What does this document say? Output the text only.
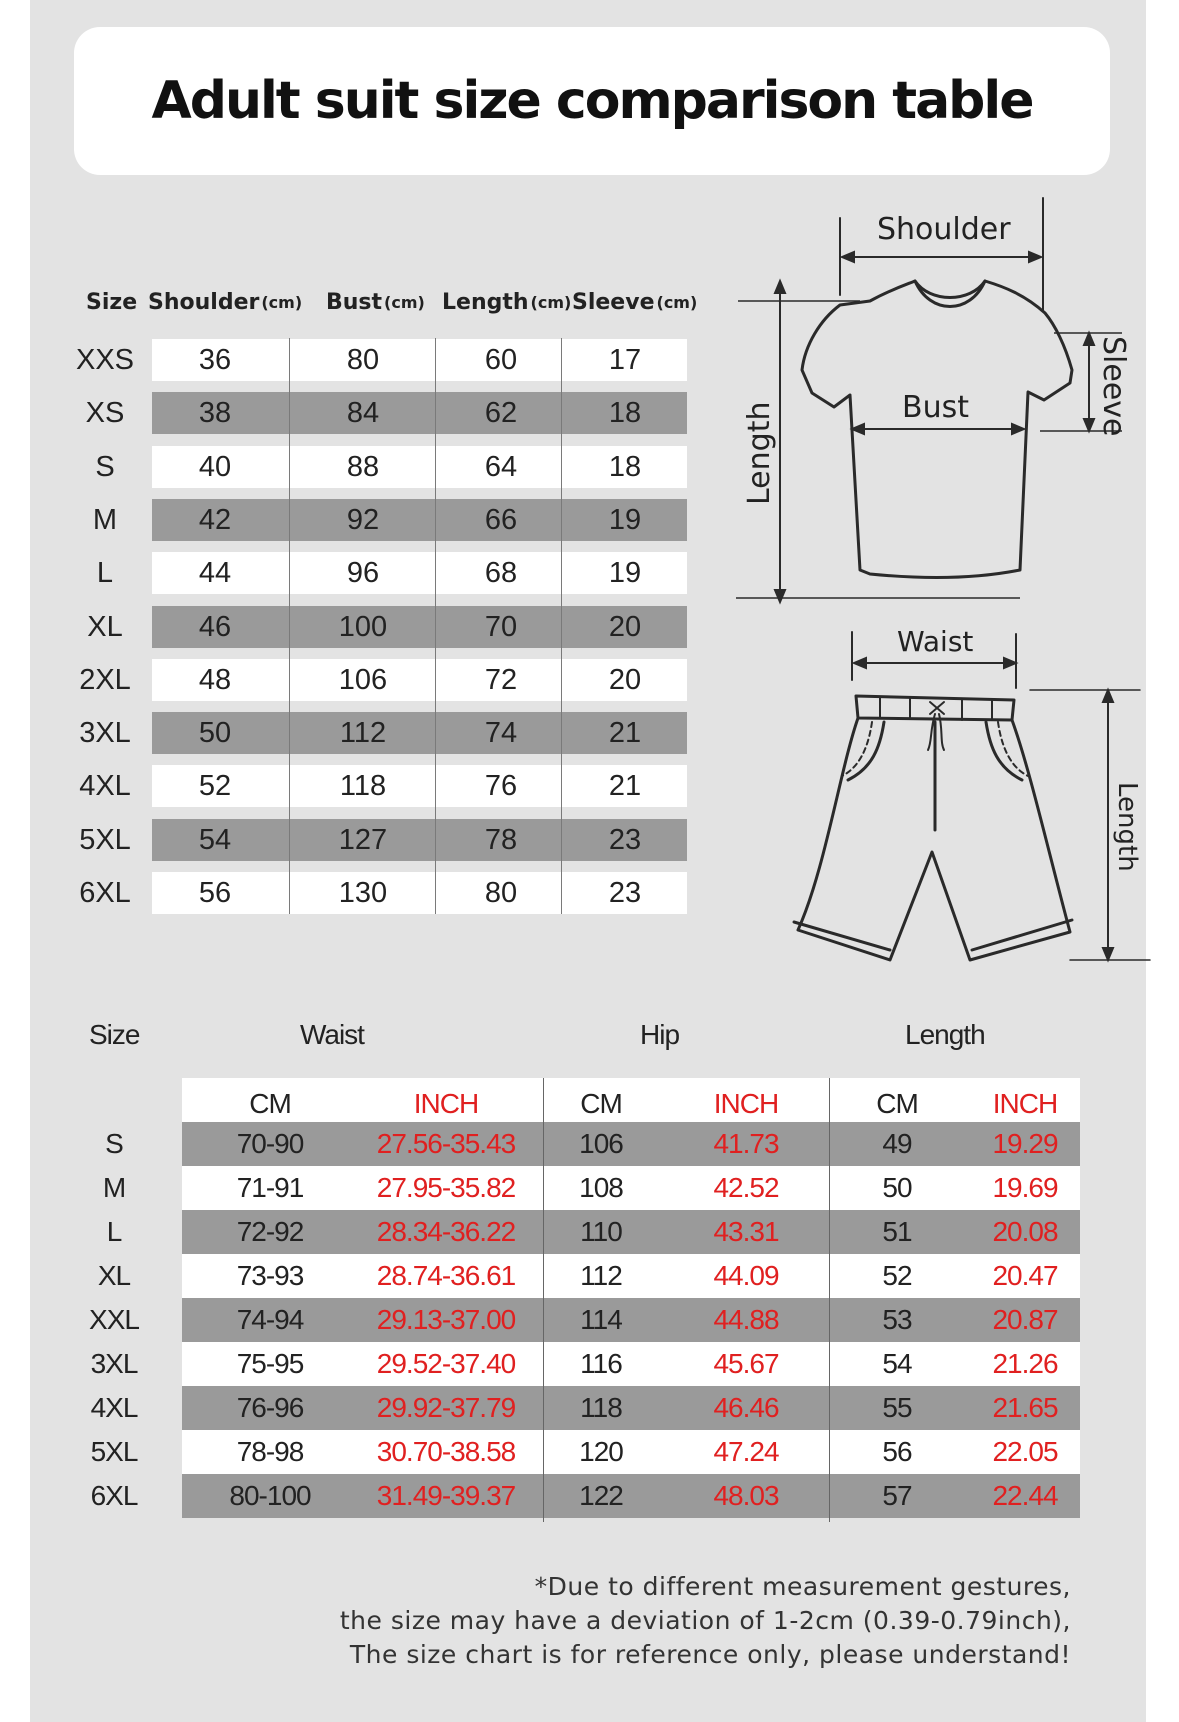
Adult suit size comparison table
Size Shoulder (cm) Bust (cm) Length (cm) Sleeve (cm)
XXS	36	80	60	17
XS	38	84	62	18
S	40	88	64	18
M	42	92	66	19
L	44	96	68	19
XL	46	100	70	20
2XL	48	106	72	20
3XL	50	112	74	21
4XL	52	118	76	21
5XL	54	127	78	23
6XL	56	130	80	23
Shoulder
Bust
Length
Sleeve
Waist
Length
Size	Waist	Hip	Length
CM	INCH	CM	INCH	CM	INCH
S	70-90	27.56-35.43	106	41.73	49	19.29
M	71-91	27.95-35.82	108	42.52	50	19.69
L	72-92	28.34-36.22	110	43.31	51	20.08
XL	73-93	28.74-36.61	112	44.09	52	20.47
XXL	74-94	29.13-37.00	114	44.88	53	20.87
3XL	75-95	29.52-37.40	116	45.67	54	21.26
4XL	76-96	29.92-37.79	118	46.46	55	21.65
5XL	78-98	30.70-38.58	120	47.24	56	22.05
6XL	80-100	31.49-39.37	122	48.03	57	22.44
*Due to different measurement gestures,
the size may have a deviation of 1-2cm (0.39-0.79inch),
The size chart is for reference only, please understand!
